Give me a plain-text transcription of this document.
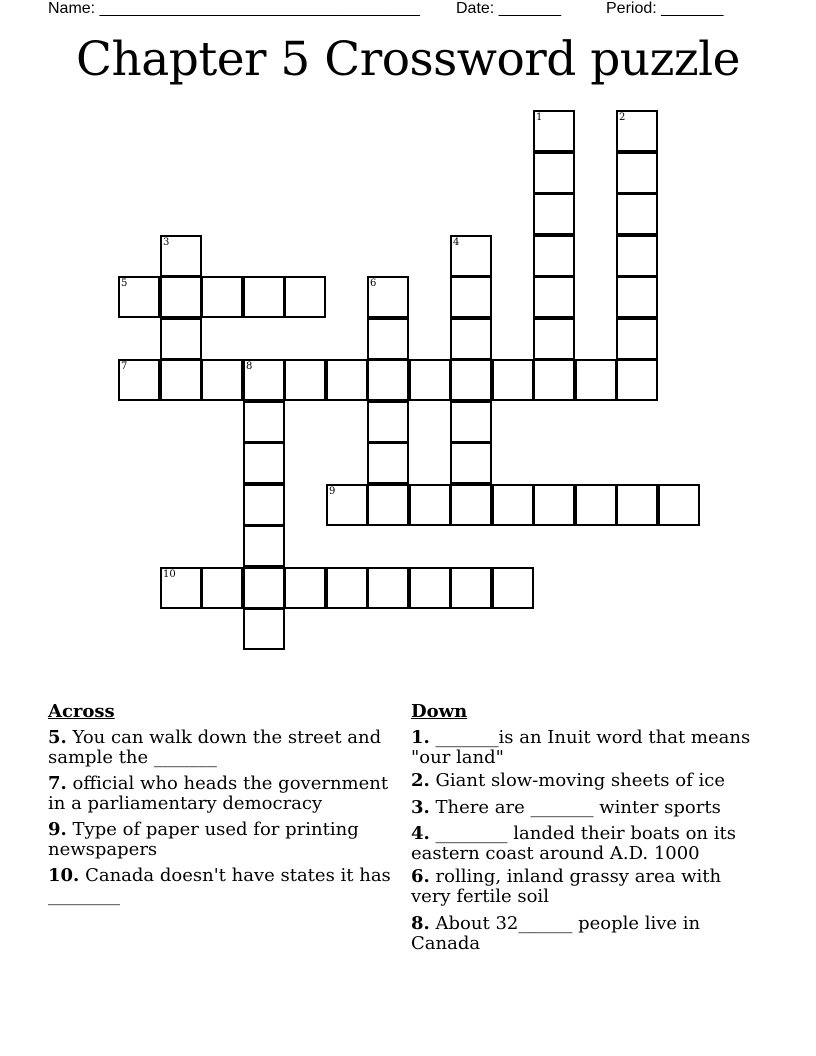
Name: ____________________________________ Date: _______	Period: _______
Chapter 5 Crossword puzzle
5
7	8
9
10
1	2
3	4
6
Across
5. You can walk down the street and sample the _______
7. official who heads the government in a parliamentary democracy
9. Type of paper used for printing newspapers
10. Canada doesn't have states it has ________
Down
1. _______is an Inuit word that means "our land"
2. Giant slow-moving sheets of ice
3. There are _______ winter sports
4. ________ landed their boats on its eastern coast around A.D. 1000
6. rolling, inland grassy area with very fertile soil
8. About 32______ people live in Canada
